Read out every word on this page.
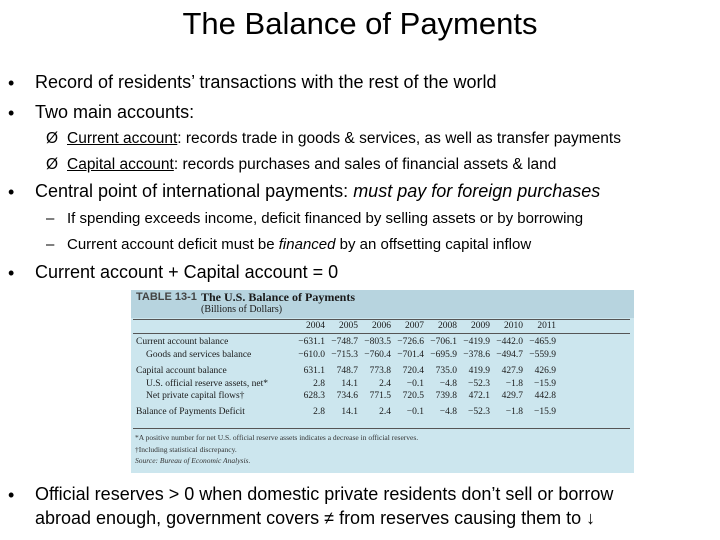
The Balance of Payments
• Record of residents’ transactions with the rest of the world
• Two main accounts:
Ø Current account: records trade in goods & services, as well as transfer payments
Ø Capital account: records purchases and sales of financial assets & land
• Central point of international payments: must pay for foreign purchases
– If spending exceeds income, deficit financed by selling assets or by borrowing
– Current account deficit must be financed by an offsetting capital inflow
• Current account + Capital account = 0
TABLE 13-1 The U.S. Balance of Payments
(Billions of Dollars)
2004	2005	2006	2007	2008	2009	2010	2011
Current account balance	−631.1 −748.7 −803.5 −726.6 −706.1 −419.9 −442.0 −465.9
Goods and services balance	−610.0 −715.3 −760.4 −701.4 −695.9 −378.6 −494.7 −559.9
Capital account balance	631.1	748.7	773.8	720.4	735.0	419.9	427.9	426.9
U.S. official reserve assets, net*	2.8	14.1	2.4	−0.1	−4.8	−52.3	−1.8	−15.9
Net private capital flows†	628.3	734.6	771.5	720.5	739.8	472.1	429.7	442.8
Balance of Payments Deficit	2.8	14.1	2.4	−0.1	−4.8	−52.3	−1.8	−15.9
*A positive number for net U.S. official reserve assets indicates a decrease in official reserves.
†Including statistical discrepancy.
Source: Bureau of Economic Analysis.
• Official reserves > 0 when domestic private residents don’t sell or borrow
abroad enough, government covers ≠ from reserves causing them to ↓
